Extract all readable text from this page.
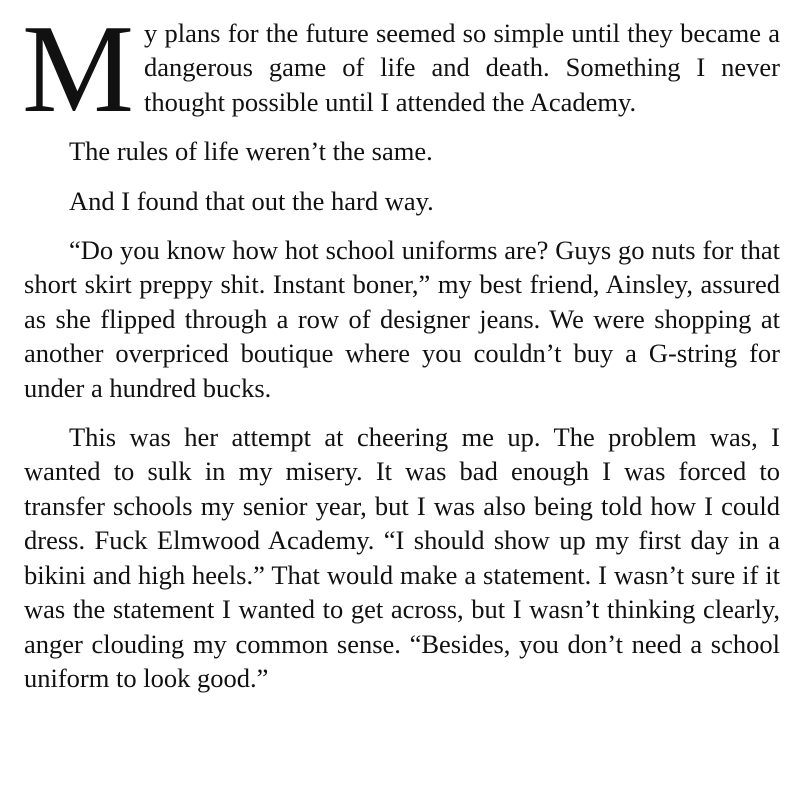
My plans for the future seemed so simple until they became a dangerous game of life and death. Something I never thought possible until I attended the Academy.

The rules of life weren’t the same.

And I found that out the hard way.

“Do you know how hot school uniforms are? Guys go nuts for that short skirt preppy shit. Instant boner,” my best friend, Ainsley, assured as she flipped through a row of designer jeans. We were shopping at another overpriced boutique where you couldn’t buy a G-string for under a hundred bucks.

This was her attempt at cheering me up. The problem was, I wanted to sulk in my misery. It was bad enough I was forced to transfer schools my senior year, but I was also being told how I could dress. Fuck Elmwood Academy. “I should show up my first day in a bikini and high heels.” That would make a statement. I wasn’t sure if it was the statement I wanted to get across, but I wasn’t thinking clearly, anger clouding my common sense. “Besides, you don’t need a school uniform to look good.”
